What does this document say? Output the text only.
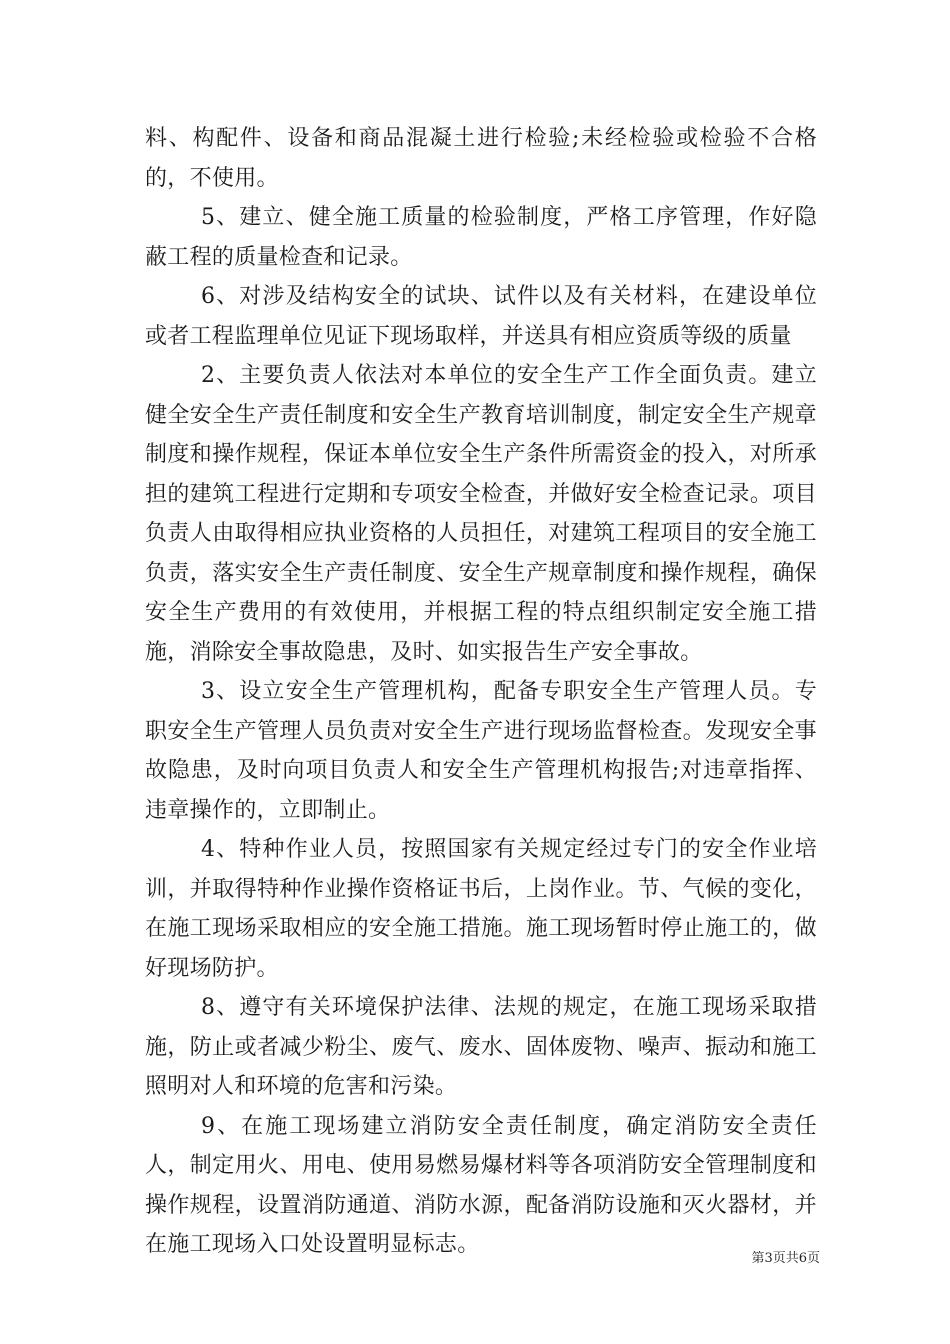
料、构配件、设备和商品混凝土进行检验;未经检验或检验不合格的，不使用。

5、建立、健全施工质量的检验制度，严格工序管理，作好隐蔽工程的质量检查和记录。

6、对涉及结构安全的试块、试件以及有关材料，在建设单位或者工程监理单位见证下现场取样，并送具有相应资质等级的质量

2、主要负责人依法对本单位的安全生产工作全面负责。建立健全安全生产责任制度和安全生产教育培训制度，制定安全生产规章制度和操作规程，保证本单位安全生产条件所需资金的投入，对所承担的建筑工程进行定期和专项安全检查，并做好安全检查记录。项目负责人由取得相应执业资格的人员担任，对建筑工程项目的安全施工负责，落实安全生产责任制度、安全生产规章制度和操作规程，确保安全生产费用的有效使用，并根据工程的特点组织制定安全施工措施，消除安全事故隐患，及时、如实报告生产安全事故。

3、设立安全生产管理机构，配备专职安全生产管理人员。专职安全生产管理人员负责对安全生产进行现场监督检查。发现安全事故隐患，及时向项目负责人和安全生产管理机构报告;对违章指挥、违章操作的，立即制止。

4、特种作业人员，按照国家有关规定经过专门的安全作业培训，并取得特种作业操作资格证书后，上岗作业。节、气候的变化，在施工现场采取相应的安全施工措施。施工现场暂时停止施工的，做好现场防护。

8、遵守有关环境保护法律、法规的规定，在施工现场采取措施，防止或者减少粉尘、废气、废水、固体废物、噪声、振动和施工照明对人和环境的危害和污染。

9、在施工现场建立消防安全责任制度，确定消防安全责任人，制定用火、用电、使用易燃易爆材料等各项消防安全管理制度和操作规程，设置消防通道、消防水源，配备消防设施和灭火器材，并在施工现场入口处设置明显标志。

第3页共6页
